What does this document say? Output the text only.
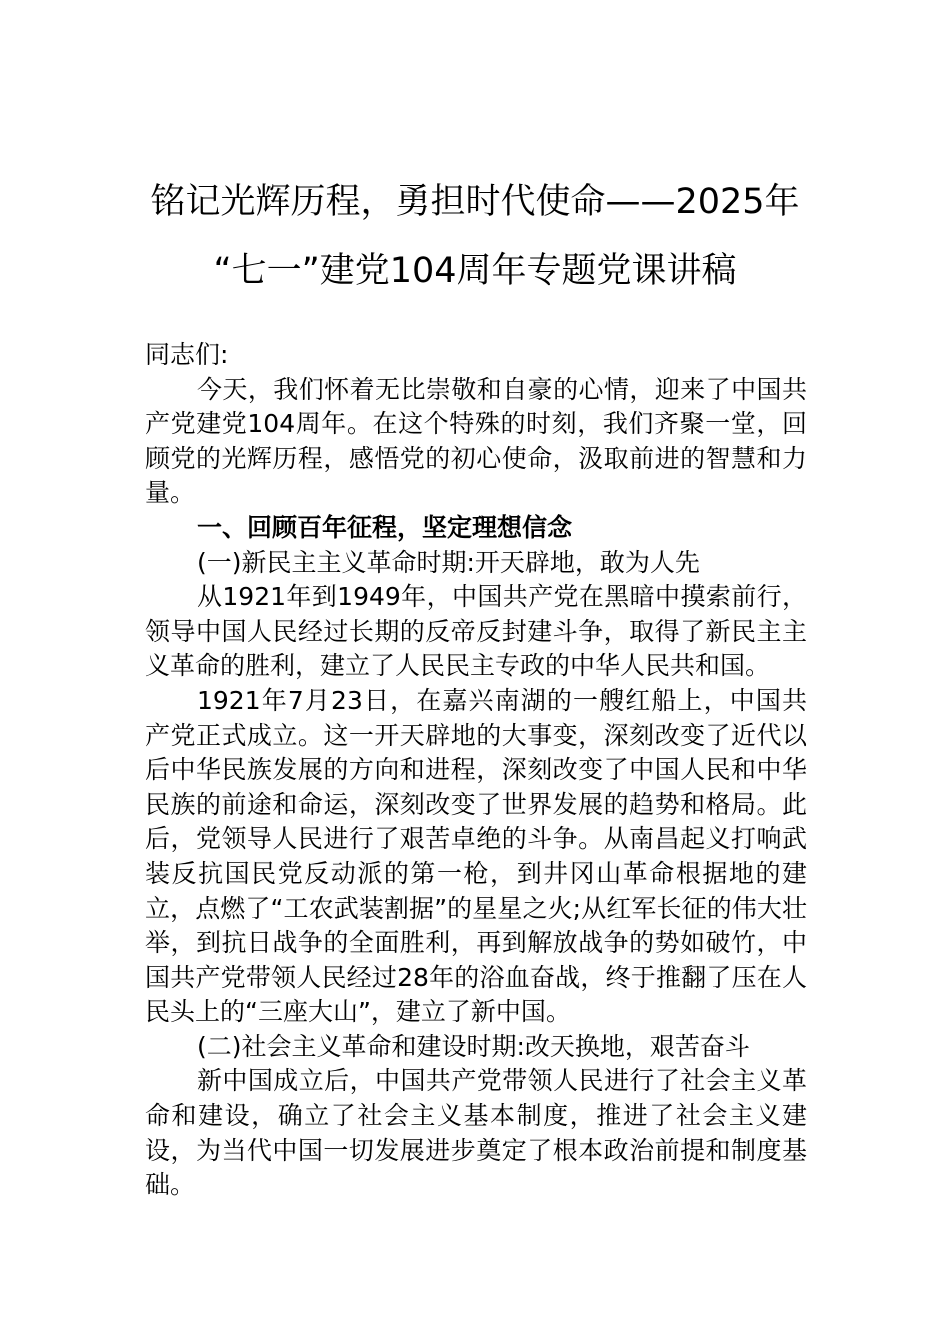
铭记光辉历程，勇担时代使命——2025年
“七一”建党104周年专题党课讲稿

同志们:

今天，我们怀着无比崇敬和自豪的心情，迎来了中国共产党建党104周年。在这个特殊的时刻，我们齐聚一堂，回顾党的光辉历程，感悟党的初心使命，汲取前进的智慧和力量。

一、回顾百年征程，坚定理想信念

(一)新民主主义革命时期:开天辟地，敢为人先

从1921年到1949年，中国共产党在黑暗中摸索前行，领导中国人民经过长期的反帝反封建斗争，取得了新民主主义革命的胜利，建立了人民民主专政的中华人民共和国。

1921年7月23日，在嘉兴南湖的一艘红船上，中国共产党正式成立。这一开天辟地的大事变，深刻改变了近代以后中华民族发展的方向和进程，深刻改变了中国人民和中华民族的前途和命运，深刻改变了世界发展的趋势和格局。此后，党领导人民进行了艰苦卓绝的斗争。从南昌起义打响武装反抗国民党反动派的第一枪，到井冈山革命根据地的建立，点燃了“工农武装割据”的星星之火;从红军长征的伟大壮举，到抗日战争的全面胜利，再到解放战争的势如破竹，中国共产党带领人民经过28年的浴血奋战，终于推翻了压在人民头上的“三座大山”，建立了新中国。

(二)社会主义革命和建设时期:改天换地，艰苦奋斗

新中国成立后，中国共产党带领人民进行了社会主义革命和建设，确立了社会主义基本制度，推进了社会主义建设，为当代中国一切发展进步奠定了根本政治前提和制度基础。
